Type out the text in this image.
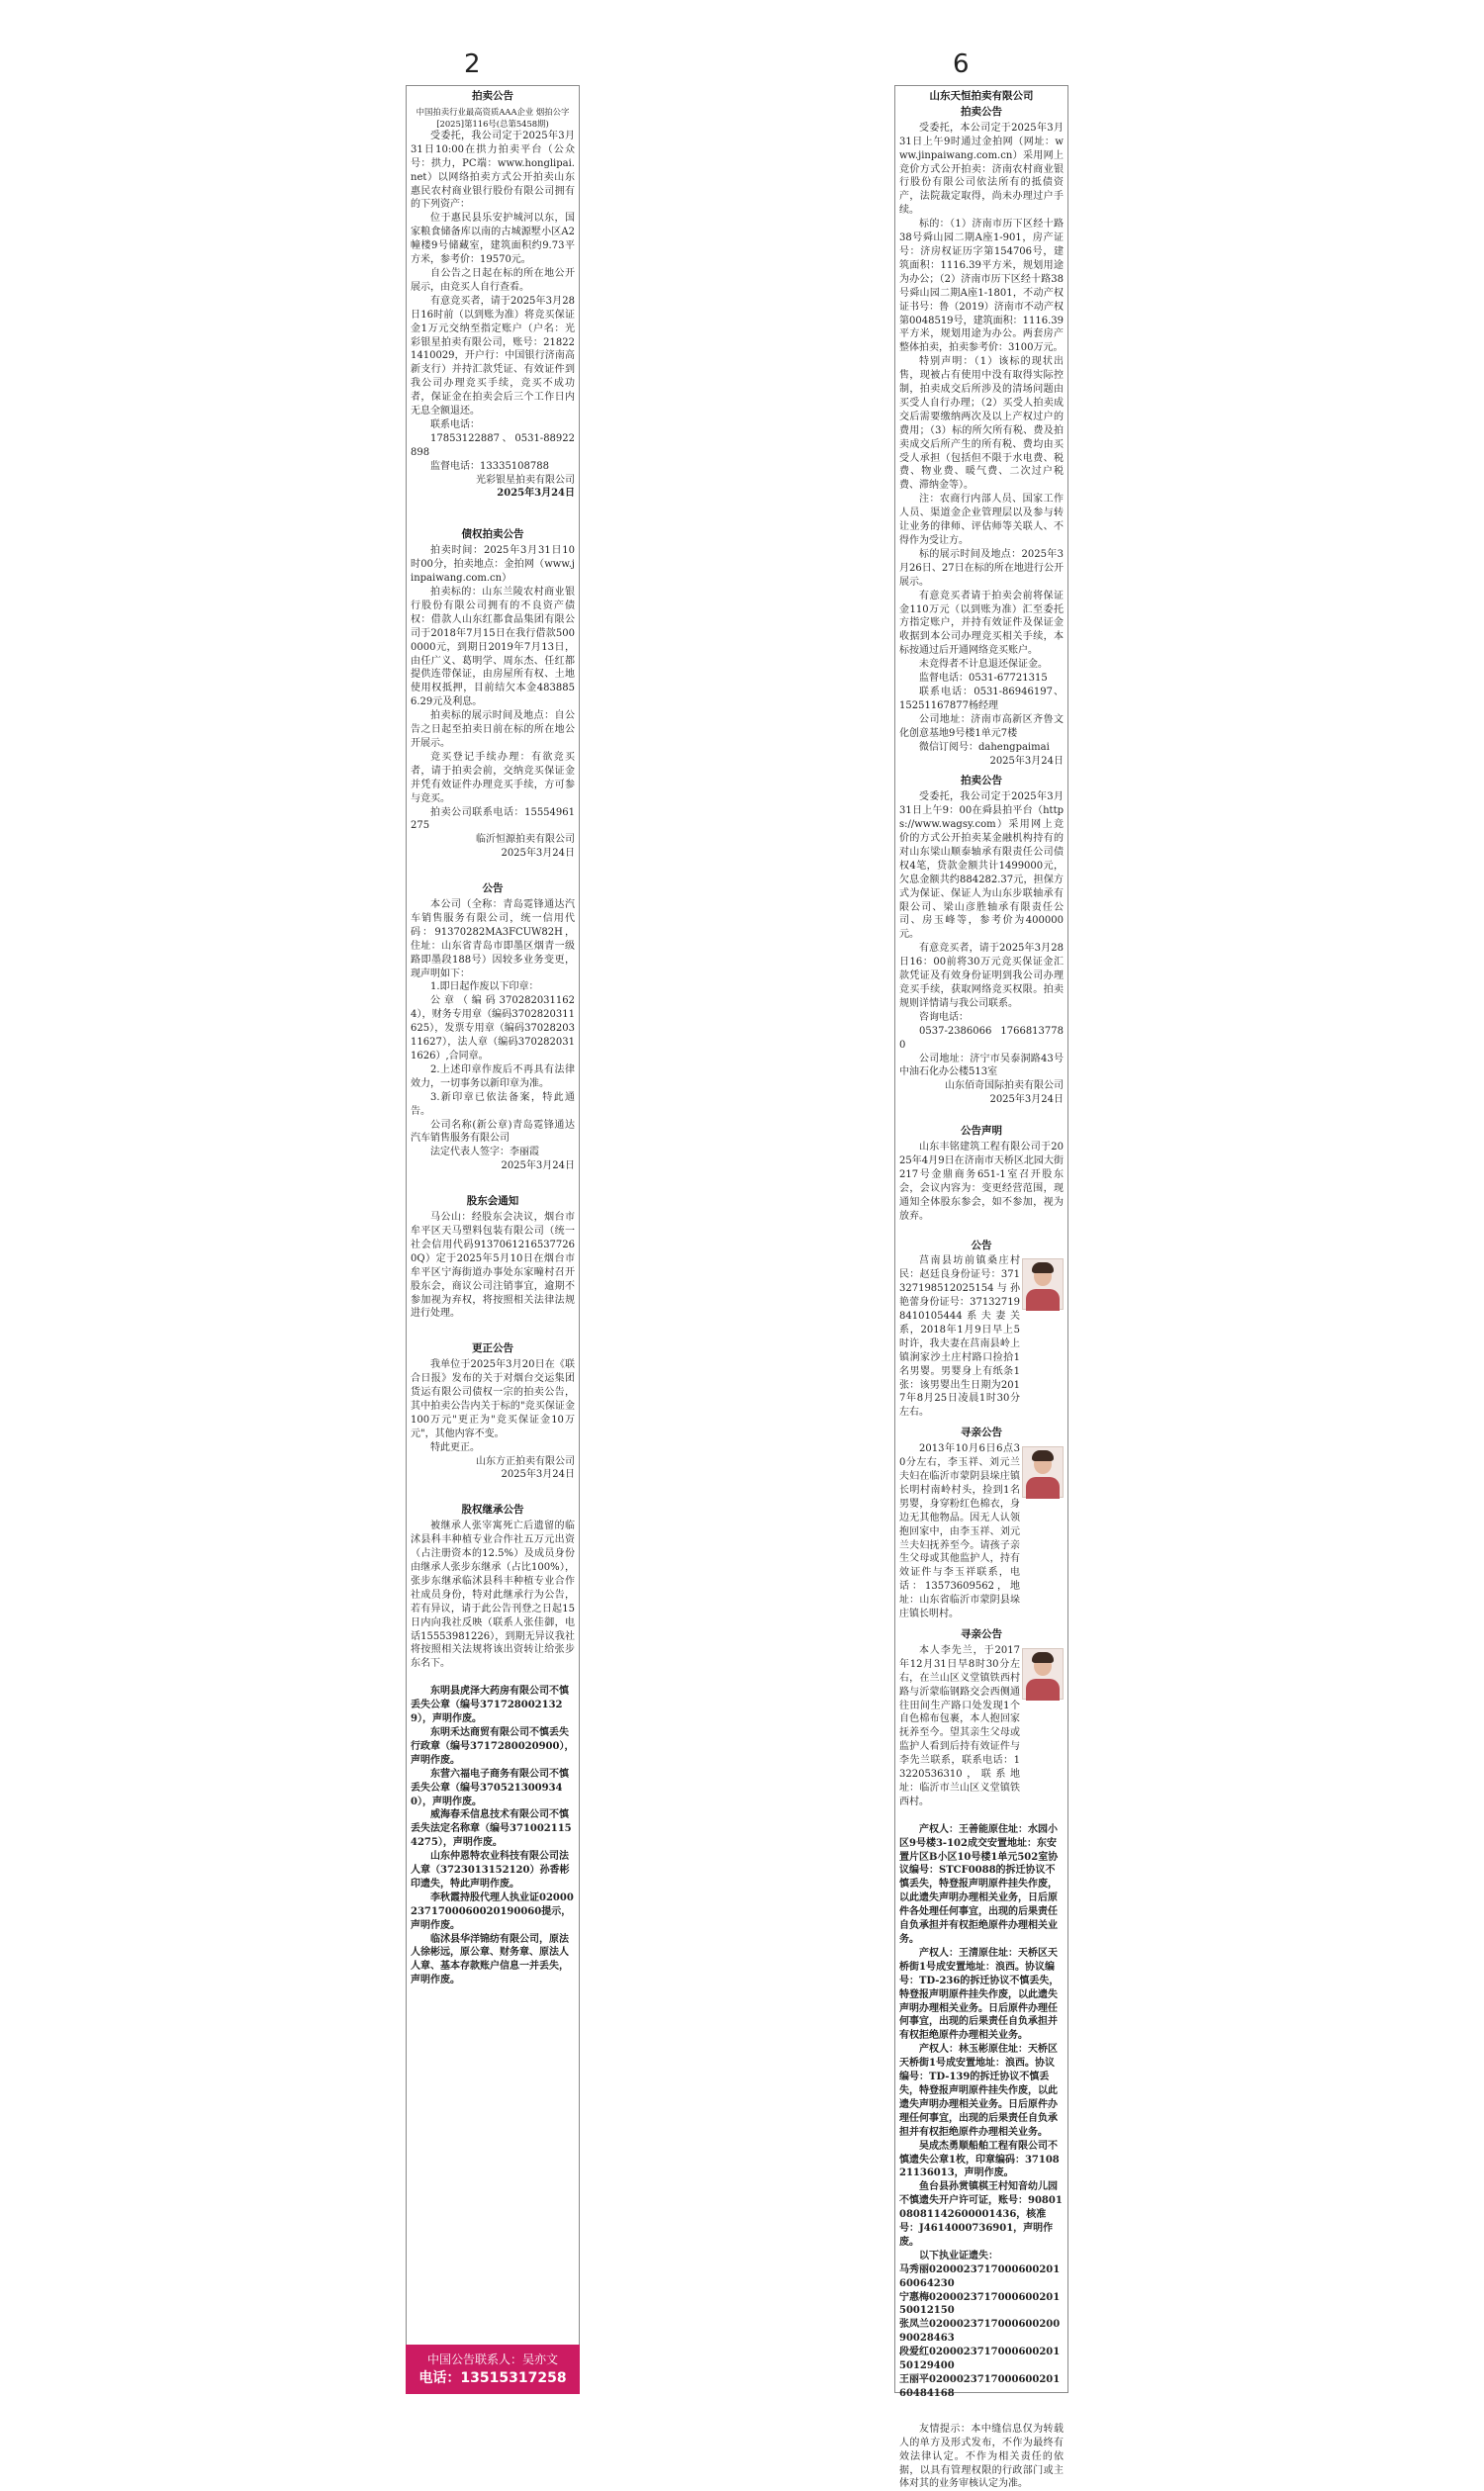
2	6
拍卖公告
中国拍卖行业最高资质AAA企业 烟拍公字[2025]第116号(总第5458期)

受委托，我公司定于2025年3月31日10:00在拱力拍卖平台（公众号：拱力，PC端：www.honglipai.net）以网络拍卖方式公开拍卖山东惠民农村商业银行股份有限公司拥有的下列资产：

位于惠民县乐安护城河以东，国家粮食储备库以南的古城源墅小区A2幢楼9号储藏室，建筑面积约9.73平方米，参考价：19570元。

自公告之日起在标的所在地公开展示，由竞买人自行查看。

有意竞买者，请于2025年3月28日16时前（以到账为准）将竞买保证金1万元交纳至指定账户（户名：光彩银星拍卖有限公司，账号：218221410029，开户行：中国银行济南高新支行）并持汇款凭证、有效证件到我公司办理竞买手续，竞买不成功者，保证金在拍卖会后三个工作日内无息全额退还。

联系电话：

17853122887、0531-88922898

监督电话：13335108788

光彩银星拍卖有限公司

2025年3月24日

债权拍卖公告

拍卖时间：2025年3月31日10时00分，拍卖地点：金拍网（www.jinpaiwang.com.cn）

拍卖标的：山东兰陵农村商业银行股份有限公司拥有的不良资产债权：借款人山东红都食品集团有限公司于2018年7月15日在我行借款5000000元，到期日2019年7月13日，由任广义、葛明学、周东杰、任红都提供连带保证，由房屋所有权、土地使用权抵押，目前结欠本金4838856.29元及利息。

拍卖标的展示时间及地点：自公告之日起至拍卖日前在标的所在地公开展示。

竞买登记手续办理：有欲竞买者，请于拍卖会前，交纳竞买保证金并凭有效证件办理竞买手续，方可参与竞买。

拍卖公司联系电话：15554961275

临沂恒源拍卖有限公司

2025年3月24日

公告

本公司（全称：青岛霓锋通达汽车销售服务有限公司，统一信用代码：91370282MA3FCUW82H，住址：山东省青岛市即墨区烟青一级路即墨段188号）因较多业务变更，现声明如下：

1.即日起作废以下印章：

公章（编码3702820311624），财务专用章（编码3702820311625），发票专用章（编码3702820311627），法人章（编码3702820311626）,合同章。

2.上述印章作废后不再具有法律效力，一切事务以新印章为准。

3.新印章已依法备案，特此通告。

公司名称(新公章)青岛霓锋通达汽车销售服务有限公司

法定代表人签字：李丽霞

2025年3月24日

股东会通知

马公山：经股东会决议，烟台市牟平区天马塑料包装有限公司（统一社会信用代码91370612165377260Q）定于2025年5月10日在烟台市牟平区宁海街道办事处东家疃村召开股东会，商议公司注销事宜，逾期不参加视为弃权，将按照相关法律法规进行处理。

更正公告

我单位于2025年3月20日在《联合日报》发布的关于对烟台交运集团货运有限公司债权一宗的拍卖公告，其中拍卖公告内关于标的"竞买保证金100万元"更正为"竞买保证金10万元"，其他内容不变。

特此更正。

山东方正拍卖有限公司

2025年3月24日

股权继承公告

被继承人张宰寓死亡后遗留的临沭县科丰种植专业合作社五万元出资（占注册资本的12.5%）及成员身份由继承人张步东继承（占比100%），张步东继承临沭县科丰种植专业合作社成员身份，特对此继承行为公告，若有异议，请于此公告刊登之日起15日内向我社反映（联系人张佳御，电话15553981226），到期无异议我社将按照相关法规将该出资转让给张步东名下。

东明县虎泽大药房有限公司不慎丢失公章（编号3717280021329），声明作废。

东明禾达商贸有限公司不慎丢失行政章（编号3717280020900），声明作废。

东营六福电子商务有限公司不慎丢失公章（编号3705213009340），声明作废。

威海春禾信息技术有限公司不慎丢失法定名称章（编号3710021154275），声明作废。

山东仲恩特农业科技有限公司法人章（3723013152120）孙香彬印遗失，特此声明作废。

李秋霞持股代理人执业证020002371700060020190060提示，声明作废。

临沭县华洋锦纺有限公司，原法人徐彬远，原公章、财务章、原法人人章、基本存款账户信息一并丢失，声明作废。

中国公告联系人：吴亦文
电话：13515317258
山东天恒拍卖有限公司
拍卖公告

受委托，本公司定于2025年3月31日上午9时通过金拍网（网址：www.jinpaiwang.com.cn）采用网上竞价方式公开拍卖：济南农村商业银行股份有限公司依法所有的抵债资产，法院裁定取得，尚未办理过户手续。

标的：（1）济南市历下区经十路38号舜山园二期A座1-901，房产证号：济房权证历字第154706号，建筑面积：1116.39平方米，规划用途为办公；（2）济南市历下区经十路38号舜山园二期A座1-1801，不动产权证书号：鲁（2019）济南市不动产权第0048519号，建筑面积：1116.39平方米，规划用途为办公。两套房产整体拍卖，拍卖参考价：3100万元。

特别声明：（1）该标的现状出售，现被占有使用中没有取得实际控制，拍卖成交后所涉及的清场问题由买受人自行办理；（2）买受人拍卖成交后需要缴纳两次及以上产权过户的费用；（3）标的所欠所有税、费及拍卖成交后所产生的所有税、费均由买受人承担（包括但不限于水电费、税费、物业费、暖气费、二次过户税费、滞纳金等）。

注：农商行内部人员、国家工作人员、渠道金企业管理层以及参与转让业务的律师、评估师等关联人、不得作为受让方。

标的展示时间及地点：2025年3月26日、27日在标的所在地进行公开展示。

有意竞买者请于拍卖会前将保证金110万元（以到账为准）汇至委托方指定账户，并持有效证件及保证金收据到本公司办理竞买相关手续，本标按通过后开通网络竞买账户。

未竞得者不计息退还保证金。

监督电话：0531-67721315

联系电话：0531-86946197、15251167877杨经理

公司地址：济南市高新区齐鲁文化创意基地9号楼1单元7楼

微信订阅号：dahengpaimai

2025年3月24日

拍卖公告

受委托，我公司定于2025年3月31日上午9：00在舜县拍平台（https://www.wagsy.com）采用网上竞价的方式公开拍卖某金融机构持有的对山东梁山顺泰轴承有限责任公司债权4笔，贷款金额共计1499000元，欠息金额共约884282.37元，担保方式为保证、保证人为山东步联轴承有限公司、梁山彦胜轴承有限责任公司、房玉峰等，参考价为400000元。

有意竞买者，请于2025年3月28日16：00前将30万元竞买保证金汇款凭证及有效身份证明到我公司办理竞买手续，获取网络竞买权限。拍卖规则详情请与我公司联系。

咨询电话：

0537-2386066 17668137780

公司地址：济宁市吴泰洞路43号中油石化办公楼513室

山东佰奇国际拍卖有限公司

2025年3月24日

公告声明

山东丰铭建筑工程有限公司于2025年4月9日在济南市天桥区北园大街217号金鼎商务651-1室召开股东会，会议内容为：变更经营范围，现通知全体股东参会，如不参加，视为放弃。

公告

莒南县坊前镇桑庄村民：赵廷良身份证号：371327198512025154与孙艳蕾身份证号：371327198410105444系夫妻关系，2018年1月9日早上5时许，我夫妻在莒南县岭上镇涧家沙土庄村路口捡拾1名男婴。男婴身上有纸条1张：该男婴出生日期为2017年8月25日凌晨1时30分左右。

寻亲公告

2013年10月6日6点30分左右，李玉祥、刘元兰夫妇在临沂市蒙阴县垛庄镇长明村南岭村头，捡到1名男婴，身穿粉红色棉衣，身边无其他物品。因无人认领抱回家中，由李玉祥、刘元兰夫妇抚养至今。请孩子亲生父母或其他监护人，持有效证件与李玉祥联系，电话：13573609562，地址：山东省临沂市蒙阴县垛庄镇长明村。

寻亲公告

本人李先兰，于2017年12月31日早8时30分左右，在兰山区义堂镇铁西村路与沂蒙临钢路交会西侧通往田间生产路口处发现1个自色棉布包裹，本人抱回家抚养至今。望其亲生父母或监护人看到后持有效证件与李先兰联系，联系电话：13220536310，联系地址：临沂市兰山区义堂镇铁西村。

产权人：王善能原住址：水园小区9号楼3-102成交安置地址：东安置片区B小区10号楼1单元502室协议编号：STCF0088的拆迁协议不慎丢失，特登报声明原件挂失作废，以此遗失声明办理相关业务，日后原件各处理任何事宜，出现的后果责任自负承担并有权拒绝原件办理相关业务。

产权人：王清原住址：天桥区天桥街1号成安置地址：浪西。协议编号：TD-236的拆迁协议不慎丢失，特登报声明原件挂失作废，以此遗失声明办理相关业务。日后原件办理任何事宜，出现的后果责任自负承担并有权拒绝原件办理相关业务。

产权人：林玉彬原住址：天桥区天桥街1号成安置地址：浪西。协议编号：TD-139的拆迁协议不慎丢失，特登报声明原件挂失作废，以此遗失声明办理相关业务。日后原件办理任何事宜，出现的后果责任自负承担并有权拒绝原件办理相关业务。

吴成杰勇顺船舶工程有限公司不慎遗失公章1枚，印章编码：3710821136013，声明作废。

鱼台县孙赏镇棋王村知音幼儿园不慎遗失开户许可证，账号：9080108081142600001436，核准号：J4614000736901，声明作废。

以下执业证遗失：

马秀丽020002371700060020160064230

宁惠梅020002371700060020150012150

张凤兰020002371700060020090028463

段爱红020002371700060020150129400

王丽平020002371700060020160484168

友情提示：本中缝信息仅为转载人的单方及形式发布，不作为最终有效法律认定。不作为相关责任的依据，以具有管理权限的行政部门或主体对其的业务审核认定为准。
